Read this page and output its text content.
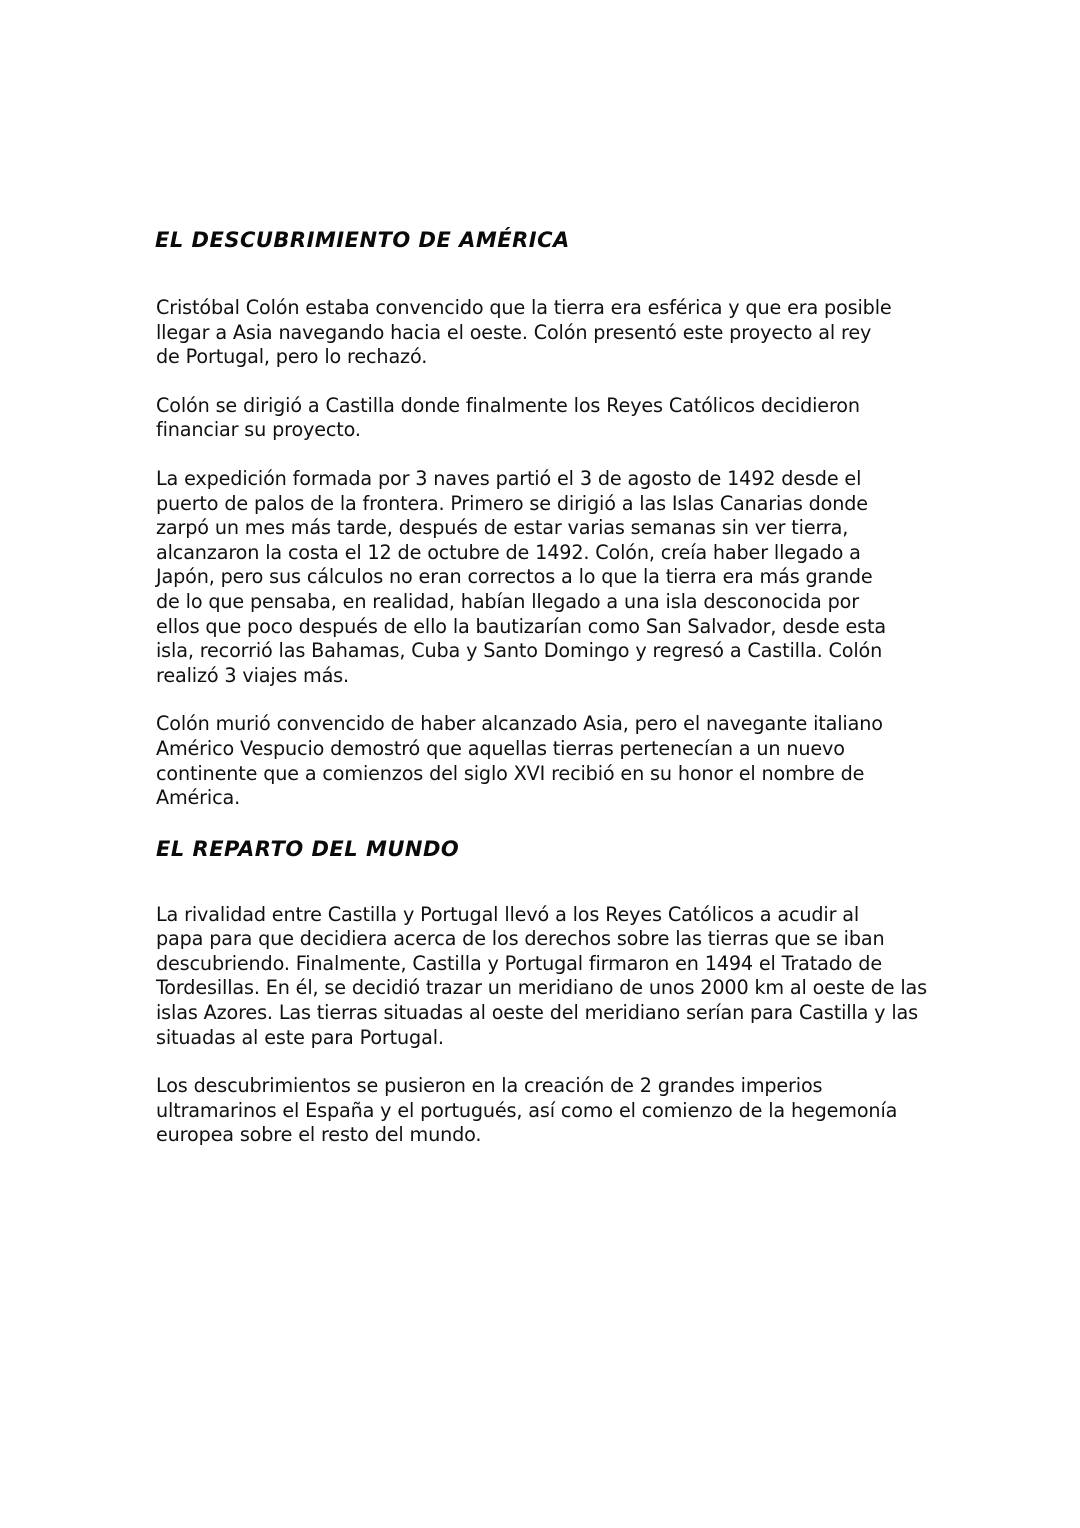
EL DESCUBRIMIENTO DE AMÉRICA

Cristóbal Colón estaba convencido que la tierra era esférica y que era posible
llegar a Asia navegando hacia el oeste. Colón presentó este proyecto al rey
de Portugal, pero lo rechazó.

Colón se dirigió a Castilla donde finalmente los Reyes Católicos decidieron
financiar su proyecto.

La expedición formada por 3 naves partió el 3 de agosto de 1492 desde el
puerto de palos de la frontera. Primero se dirigió a las Islas Canarias donde
zarpó un mes más tarde, después de estar varias semanas sin ver tierra,
alcanzaron la costa el 12 de octubre de 1492. Colón, creía haber llegado a
Japón, pero sus cálculos no eran correctos a lo que la tierra era más grande
de lo que pensaba, en realidad, habían llegado a una isla desconocida por
ellos que poco después de ello la bautizarían como San Salvador, desde esta
isla, recorrió las Bahamas, Cuba y Santo Domingo y regresó a Castilla. Colón
realizó 3 viajes más.

Colón murió convencido de haber alcanzado Asia, pero el navegante italiano
Américo Vespucio demostró que aquellas tierras pertenecían a un nuevo
continente que a comienzos del siglo XVI recibió en su honor el nombre de
América.

EL REPARTO DEL MUNDO

La rivalidad entre Castilla y Portugal llevó a los Reyes Católicos a acudir al
papa para que decidiera acerca de los derechos sobre las tierras que se iban
descubriendo. Finalmente, Castilla y Portugal firmaron en 1494 el Tratado de
Tordesillas. En él, se decidió trazar un meridiano de unos 2000 km al oeste de las
islas Azores. Las tierras situadas al oeste del meridiano serían para Castilla y las
situadas al este para Portugal.

Los descubrimientos se pusieron en la creación de 2 grandes imperios
ultramarinos el España y el portugués, así como el comienzo de la hegemonía
europea sobre el resto del mundo.
